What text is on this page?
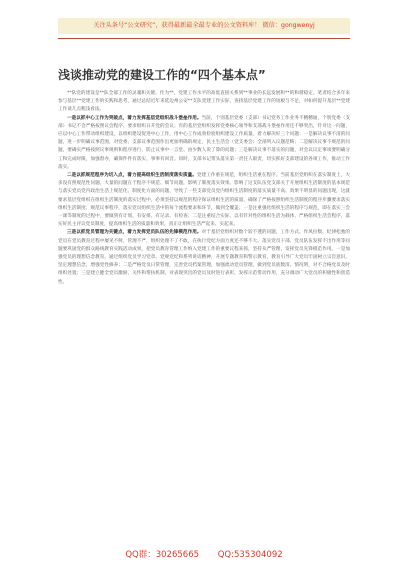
关注头条号“公文研究”，获得最新最全最专业的公文资料库！ 微信：gongwenyj
浅谈推动党的建设工作的“四个基本点”

**队党的建设是**队全部工作的灵魂和关键。作为**，党建工作水平的高低直接关系到**事业的长远发展和**的和谐稳定。笔者结合多年来参与基层**党建工作的实践和思考，通过总结近年来延边州公安**支队党建工作实际，查找基层党建工作的短板与不足，对如何提升基层**党建工作谈几点粗浅看法。

一是以抓中心工作为突破点，着力发挥基层党组织战斗堡垒作用。当前，个别基层党委（支部）书记党务工作业务不精精通，个别党委（支部）书记不会严格按照议会程序、要求组织日开党的会议；有的基层党组织发挥党委核心领导和支部战斗堡垒作用还不够突出，针对这一问题，应以中心工作带动组织建设，以组织建设促进中心工作，用中心工作成效检验组织建设工作质量。着力解决好三个问题：一是解决议事不清的问题，进一步明确议事范围，对党委、支部议事范围作出更加明确的规定，民主生活会（党支委会）全部列入议题范畴；二是解决议事不规范的问题，要确实严格按照议事规则和程序进行，防止议事中一言堂、由少数人说了算的问题；三是解决议事不落实的问题，对会议议定事项要明确分工和完成时限，加强督办，确保件件有落实、事事有回音。同时，支部书记带头落实第一责任人职责，切实抓好支部建设的各项工作，推动工作落实。

二是以抓规范程序为切入点，着力提高组织生活制度落实质量。党建工作重在规范，组织生活重在程序。当前基层党组织在落实制度上，大多没有照规范性问题。大量的问题在于程序不规范、细节问题，影响了制度落实效果。影响了这支队伍党支部关于开展组织生活制度的基本规范与落实党员党内政治生活上规范化、制度化方面的问题，导致了一些支部党员党内组织生活制度的落实质量不高、效果不明显的问题出现，这就要求基层党组织在组织生活制度的落实过程中，必须坚持以规范的程序保证组织生活的质量，确保了严格按照组织生活制度的程序步骤要求落实组织生活制度；规范议事程序，落实党员组织生活中的每个流程要求和环节，做到全覆盖；一是注重强化组织生活的程序与规范，即在落实三会一课等制度的过程中，要做到有计划、有安排、有记录、有检查；二是注重结合实际，以有针对性的组织生活为载体，严格组织生活会程序，落实好民主评议党员制度，提高组织生活的质量和效果，真正让组织生活严起来、实起来。

三是以抓党员管理为关键点，着力发挥党员队伍的先锋模范作用。对于基层党组织对数个较不透的问题，工作方式、作风拉数、纪律松弛的党员在党员教育过程中屡见不鲜，管理不严，组织处理不了不敢，在执行党纪方面力度还不够不大、落实党员干部、党员队伍发挥不出作用等问题要巩固党的群众路线教育实践活动成果，把党员教育管理工作纳入党建工作的重要议程来抓，坚持从严管理，发挥党员先锋模范作用。一是加强党员的理想信念教育，通过组织党员学习党章、党规党纪和系列讲话精神，开展专题教育和警示教育，教育引导广大党员牢固树立宗旨意识，坚定理想信念，增强党性修养；二是严格党员日常管理，完善党员档案管理，加强流动党员管理，做到党员底数清、情况明，对不合格党员及时组织处置；三是建立健全党员激励、关怀和帮扶机制，对表现突出的党员及时进行表彰，发挥示范带动作用，充分调动广大党员的积极性和创造性。

QQ群：30265665 QQ:535304092
